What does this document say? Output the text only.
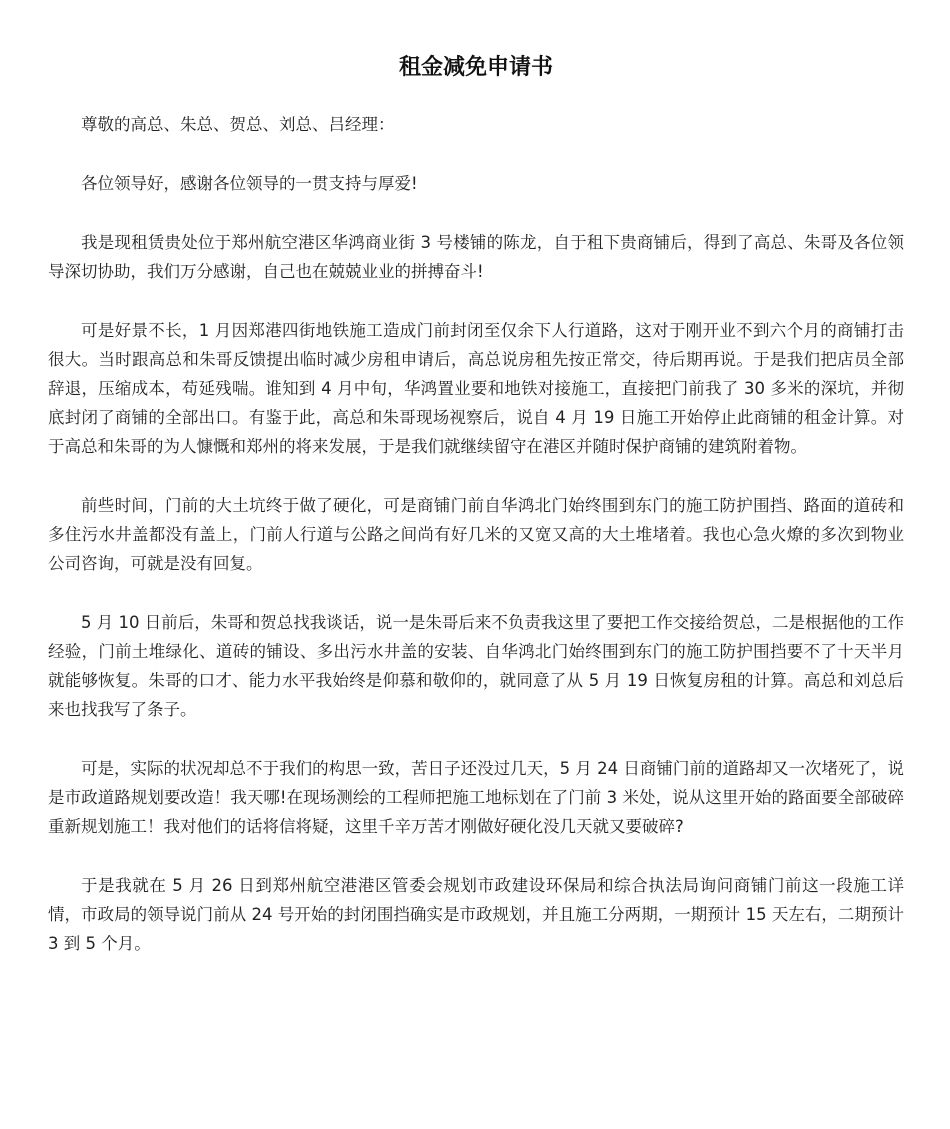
租金减免申请书

尊敬的高总、朱总、贺总、刘总、吕经理：

各位领导好，感谢各位领导的一贯支持与厚爱!

我是现租赁贵处位于郑州航空港区华鸿商业街 3 号楼铺的陈龙，自于租下贵商铺后，得到了高总、朱哥及各位领导深切协助，我们万分感谢，自己也在兢兢业业的拼搏奋斗!

可是好景不长，1 月因郑港四街地铁施工造成门前封闭至仅余下人行道路，这对于刚开业不到六个月的商铺打击很大。当时跟高总和朱哥反馈提出临时减少房租申请后，高总说房租先按正常交，待后期再说。于是我们把店员全部辞退，压缩成本，苟延残喘。谁知到 4 月中旬，华鸿置业要和地铁对接施工，直接把门前我了 30 多米的深坑，并彻底封闭了商铺的全部出口。有鉴于此，高总和朱哥现场视察后，说自 4 月 19 日施工开始停止此商铺的租金计算。对于高总和朱哥的为人慷慨和郑州的将来发展，于是我们就继续留守在港区并随时保护商铺的建筑附着物。

前些时间，门前的大土坑终于做了硬化，可是商铺门前自华鸿北门始终围到东门的施工防护围挡、路面的道砖和多住污水井盖都没有盖上，门前人行道与公路之间尚有好几米的又宽又高的大土堆堵着。我也心急火燎的多次到物业公司咨询，可就是没有回复。

5 月 10 日前后，朱哥和贺总找我谈话，说一是朱哥后来不负责我这里了要把工作交接给贺总，二是根据他的工作经验，门前土堆绿化、道砖的铺设、多出污水井盖的安装、自华鸿北门始终围到东门的施工防护围挡要不了十天半月就能够恢复。朱哥的口才、能力水平我始终是仰慕和敬仰的，就同意了从 5 月 19 日恢复房租的计算。高总和刘总后来也找我写了条子。

可是，实际的状况却总不于我们的构思一致，苦日子还没过几天，5 月 24 日商铺门前的道路却又一次堵死了，说是市政道路规划要改造！我天哪!在现场测绘的工程师把施工地标划在了门前 3 米处，说从这里开始的路面要全部破碎重新规划施工！我对他们的话将信将疑，这里千辛万苦才刚做好硬化没几天就又要破碎?

于是我就在 5 月 26 日到郑州航空港港区管委会规划市政建设环保局和综合执法局询问商铺门前这一段施工详情，市政局的领导说门前从 24 号开始的封闭围挡确实是市政规划，并且施工分两期，一期预计 15 天左右，二期预计 3 到 5 个月。
